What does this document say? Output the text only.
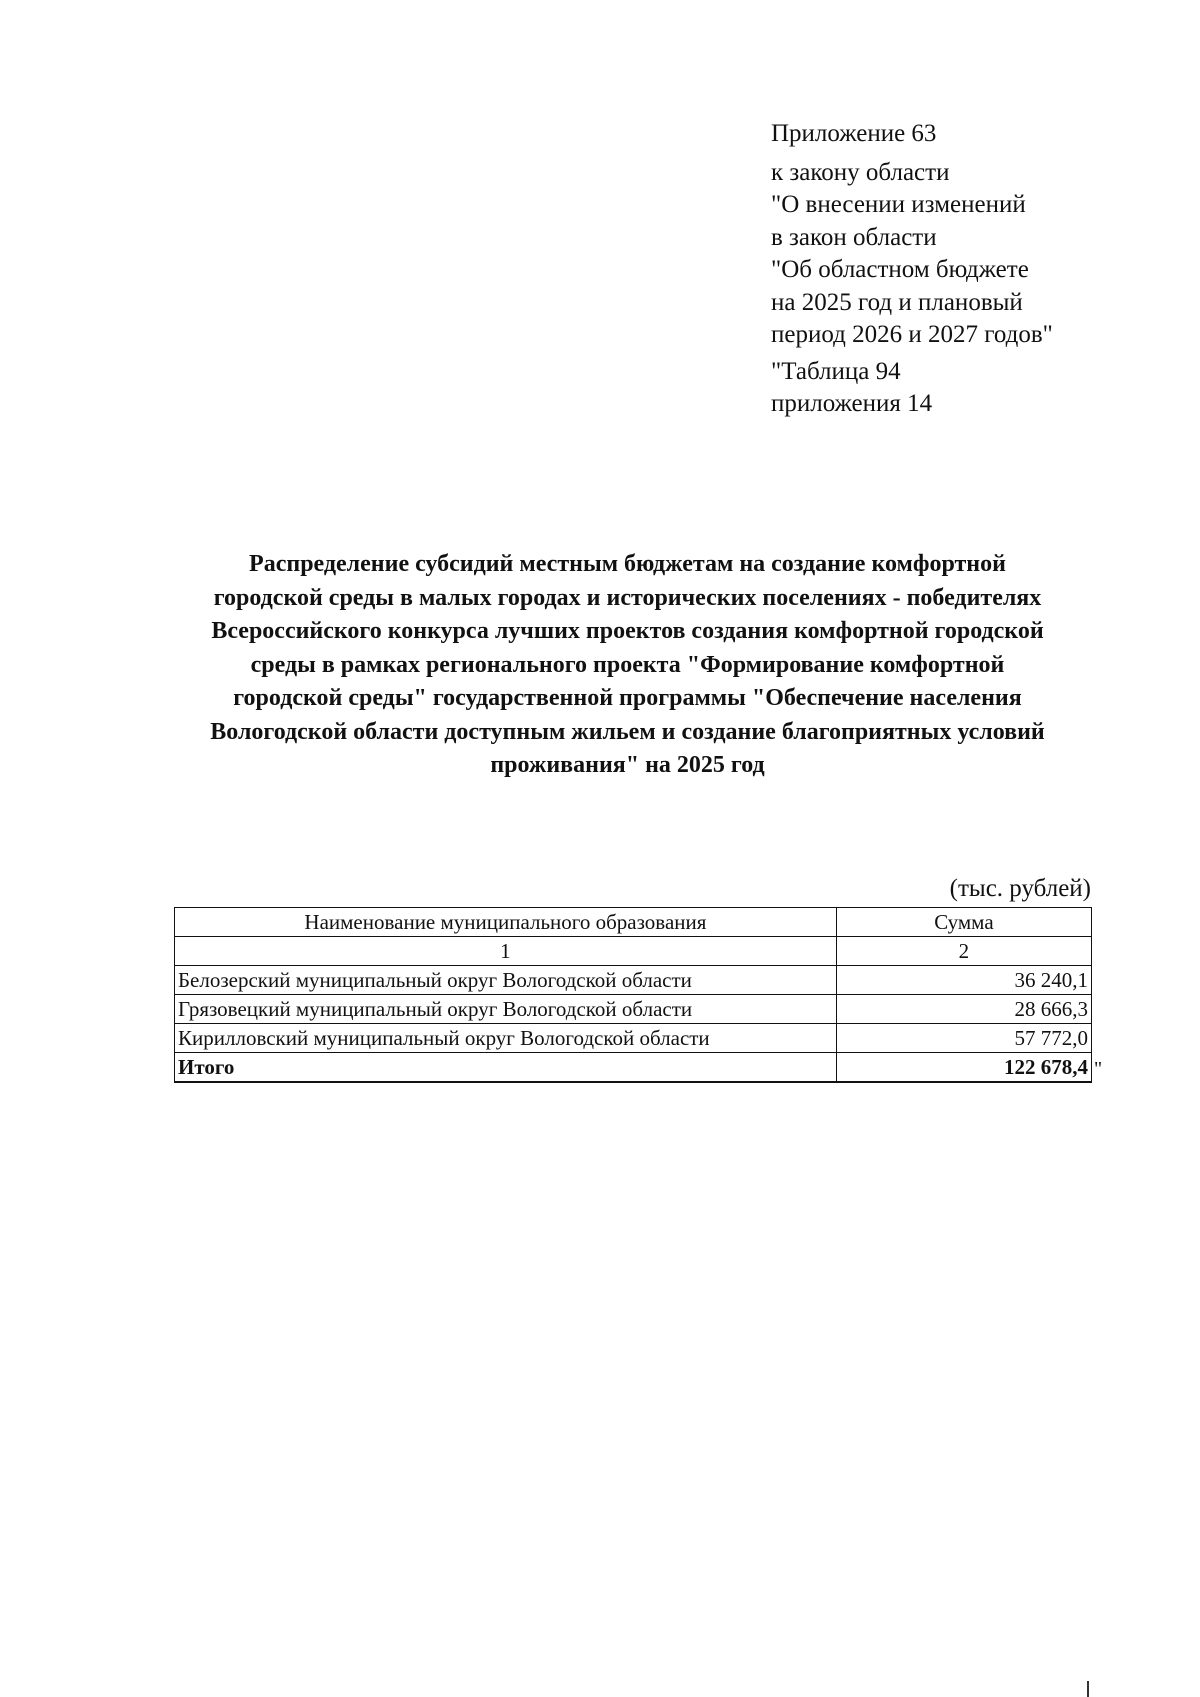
Приложение 63
к закону области
"О внесении изменений
в закон области
"Об областном бюджете
на 2025 год и плановый
период 2026 и 2027 годов"
"Таблица 94
приложения 14
Распределение субсидий местным бюджетам на создание комфортной
городской среды в малых городах и исторических поселениях - победителях
Всероссийского конкурса лучших проектов создания комфортной городской
среды в рамках регионального проекта "Формирование комфортной
городской среды" государственной программы "Обеспечение населения
Вологодской области доступным жильем и создание благоприятных условий
проживания" на 2025 год
(тыс. рублей)
Наименование муниципального образования	Сумма
1	2
Белозерский муниципальный округ Вологодской области	36 240,1
Грязовецкий муниципальный округ Вологодской области	28 666,3
Кирилловский муниципальный округ Вологодской области	57 772,0
Итого	122 678,4 "
